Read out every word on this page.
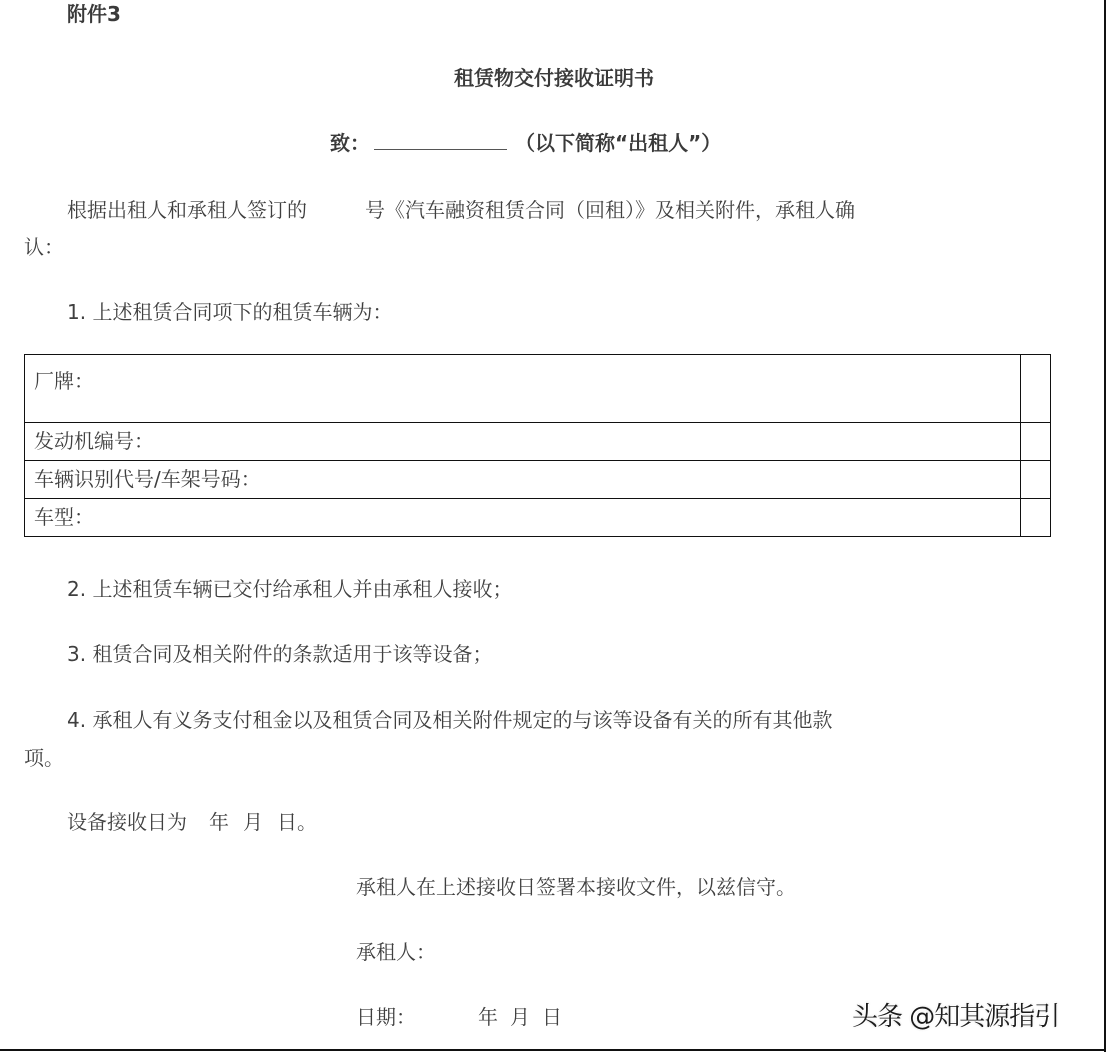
附件3
租赁物交付接收证明书
致：	（以下简称“出租人”）
根据出租人和承租人签订的	号《汽车融资租赁合同（回租）》及相关附件，承租人确
认：
1. 上述租赁合同项下的租赁车辆为：
厂牌：	
发动机编号：	
车辆识别代号/车架号码：	
车型：	
2. 上述租赁车辆已交付给承租人并由承租人接收；
3. 租赁合同及相关附件的条款适用于该等设备；
4. 承租人有义务支付租金以及租赁合同及相关附件规定的与该等设备有关的所有其他款
项。
设备接收日为 年 月 日。
承租人在上述接收日签署本接收文件，以兹信守。
承租人：
日期：	年 月 日	头条 @知其源指引
